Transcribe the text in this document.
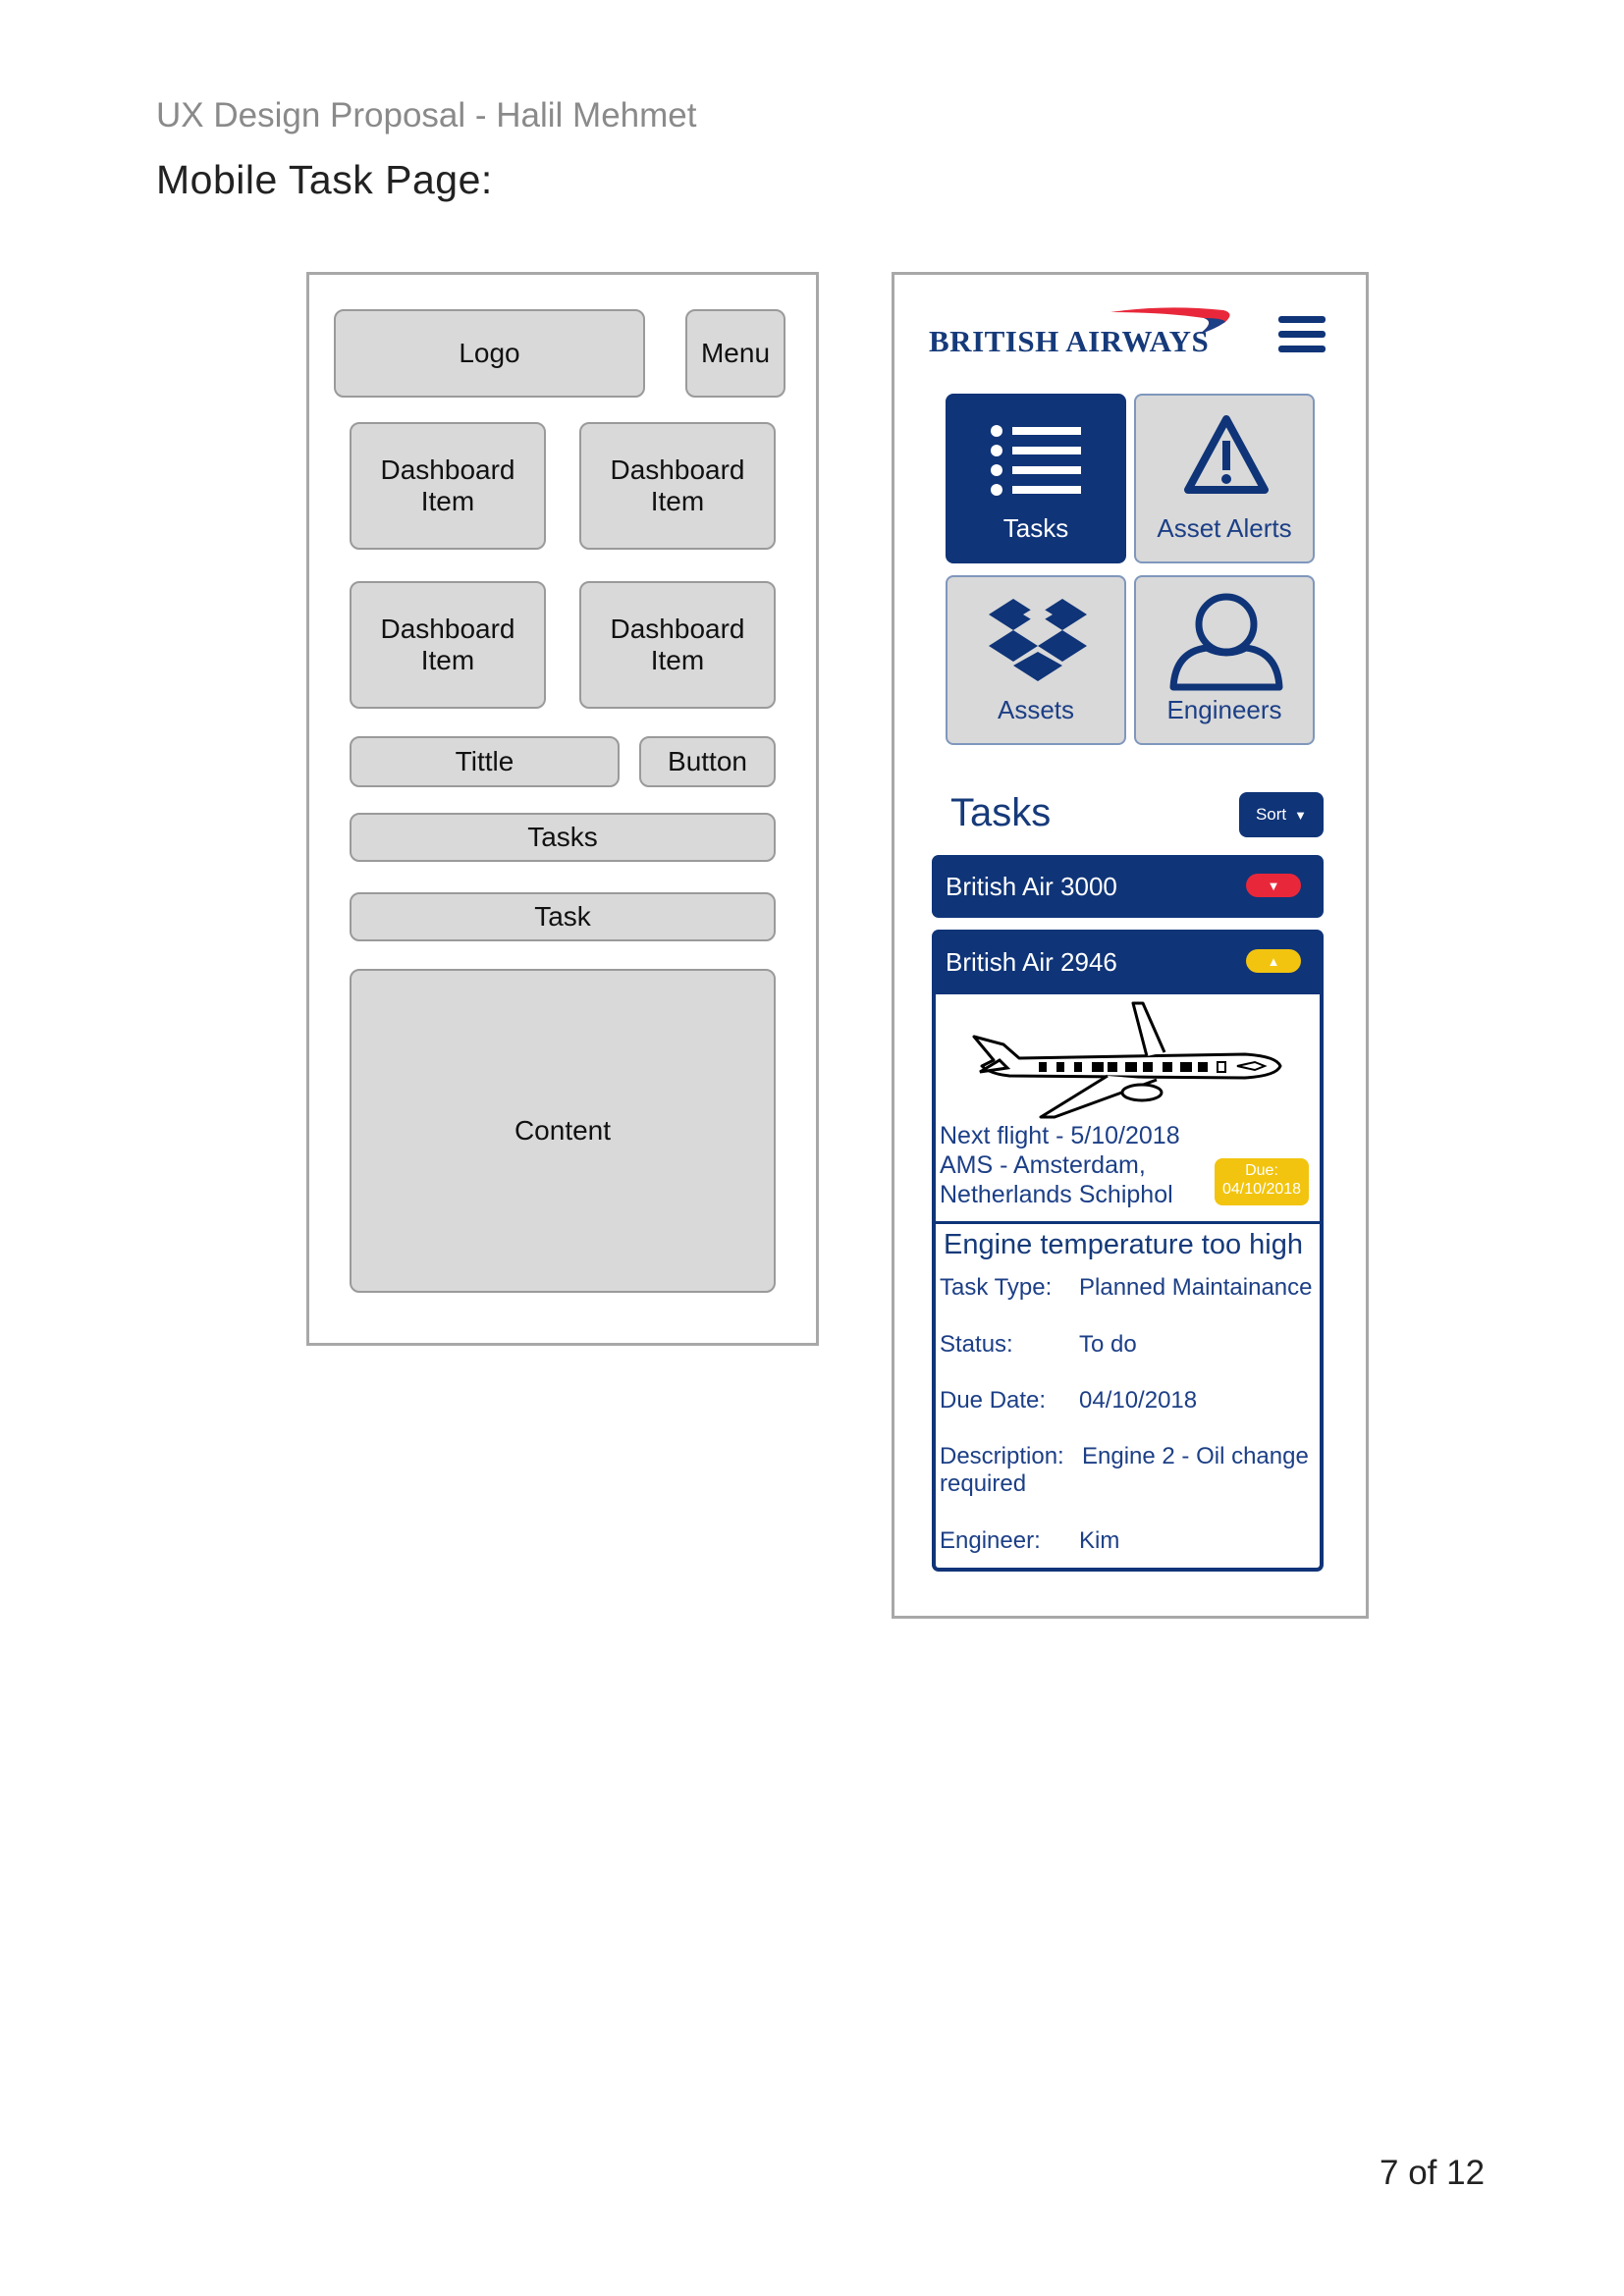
UX Design Proposal - Halil Mehmet
Mobile Task Page:
Logo	Menu
Dashboard
Item
Dashboard
Item
Dashboard
Item
Dashboard
Item
Tittle	Button
Tasks
Task
Content
BRITISH AIRWAYS
Tasks	Asset Alerts
Assets	Engineers
Tasks	Sort ▼
British Air 3000	▼
British Air 2946	▲
Next flight - 5/10/2018
AMS - Amsterdam,
Netherlands Schiphol
Due:
04/10/2018
Engine temperature too high
Task Type: Planned Maintainance
Status:	To do
Due Date: 04/10/2018
Description: Engine 2 - Oil change
required
Engineer: Kim
7 of 12
